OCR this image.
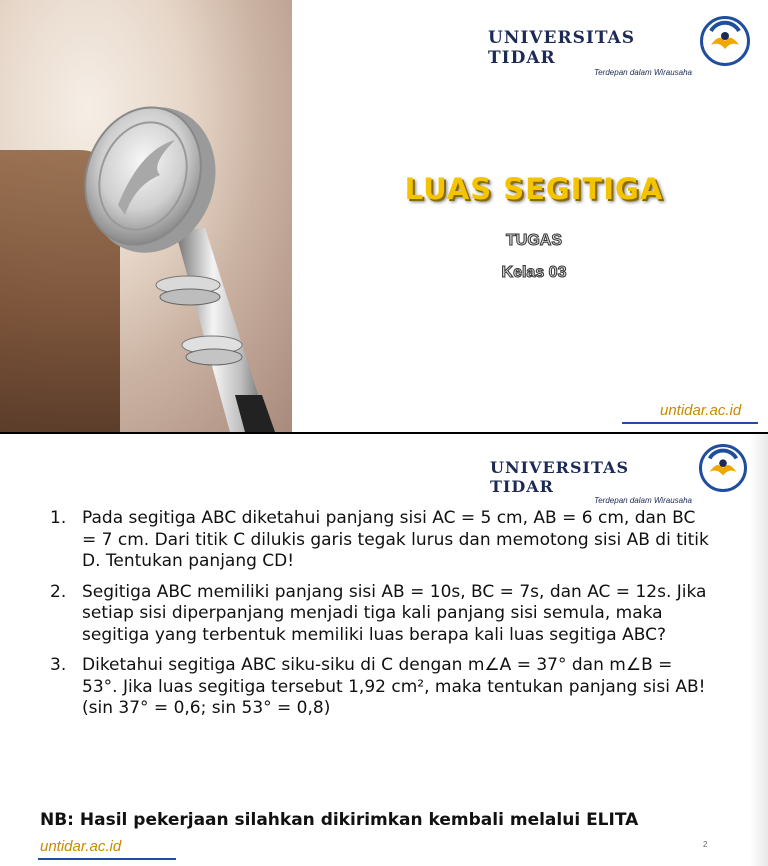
UNIVERSITAS TIDAR
Terdepan dalam Wirausaha
LUAS SEGITIGA
TUGAS
Kelas 03
untidar.ac.id
UNIVERSITAS TIDAR
Terdepan dalam Wirausaha
1. Pada segitiga ABC diketahui panjang sisi AC = 5 cm, AB = 6 cm, dan BC = 7 cm. Dari titik C dilukis garis tegak lurus dan memotong sisi AB di titik D. Tentukan panjang CD!
2. Segitiga ABC memiliki panjang sisi AB = 10s, BC = 7s, dan AC = 12s. Jika setiap sisi diperpanjang menjadi tiga kali panjang sisi semula, maka segitiga yang terbentuk memiliki luas berapa kali luas segitiga ABC?
3. Diketahui segitiga ABC siku-siku di C dengan m∠A = 37° dan m∠B = 53°. Jika luas segitiga tersebut 1,92 cm², maka tentukan panjang sisi AB! (sin 37° = 0,6; sin 53° = 0,8)
NB: Hasil pekerjaan silahkan dikirimkan kembali melalui ELITA
untidar.ac.id	2
